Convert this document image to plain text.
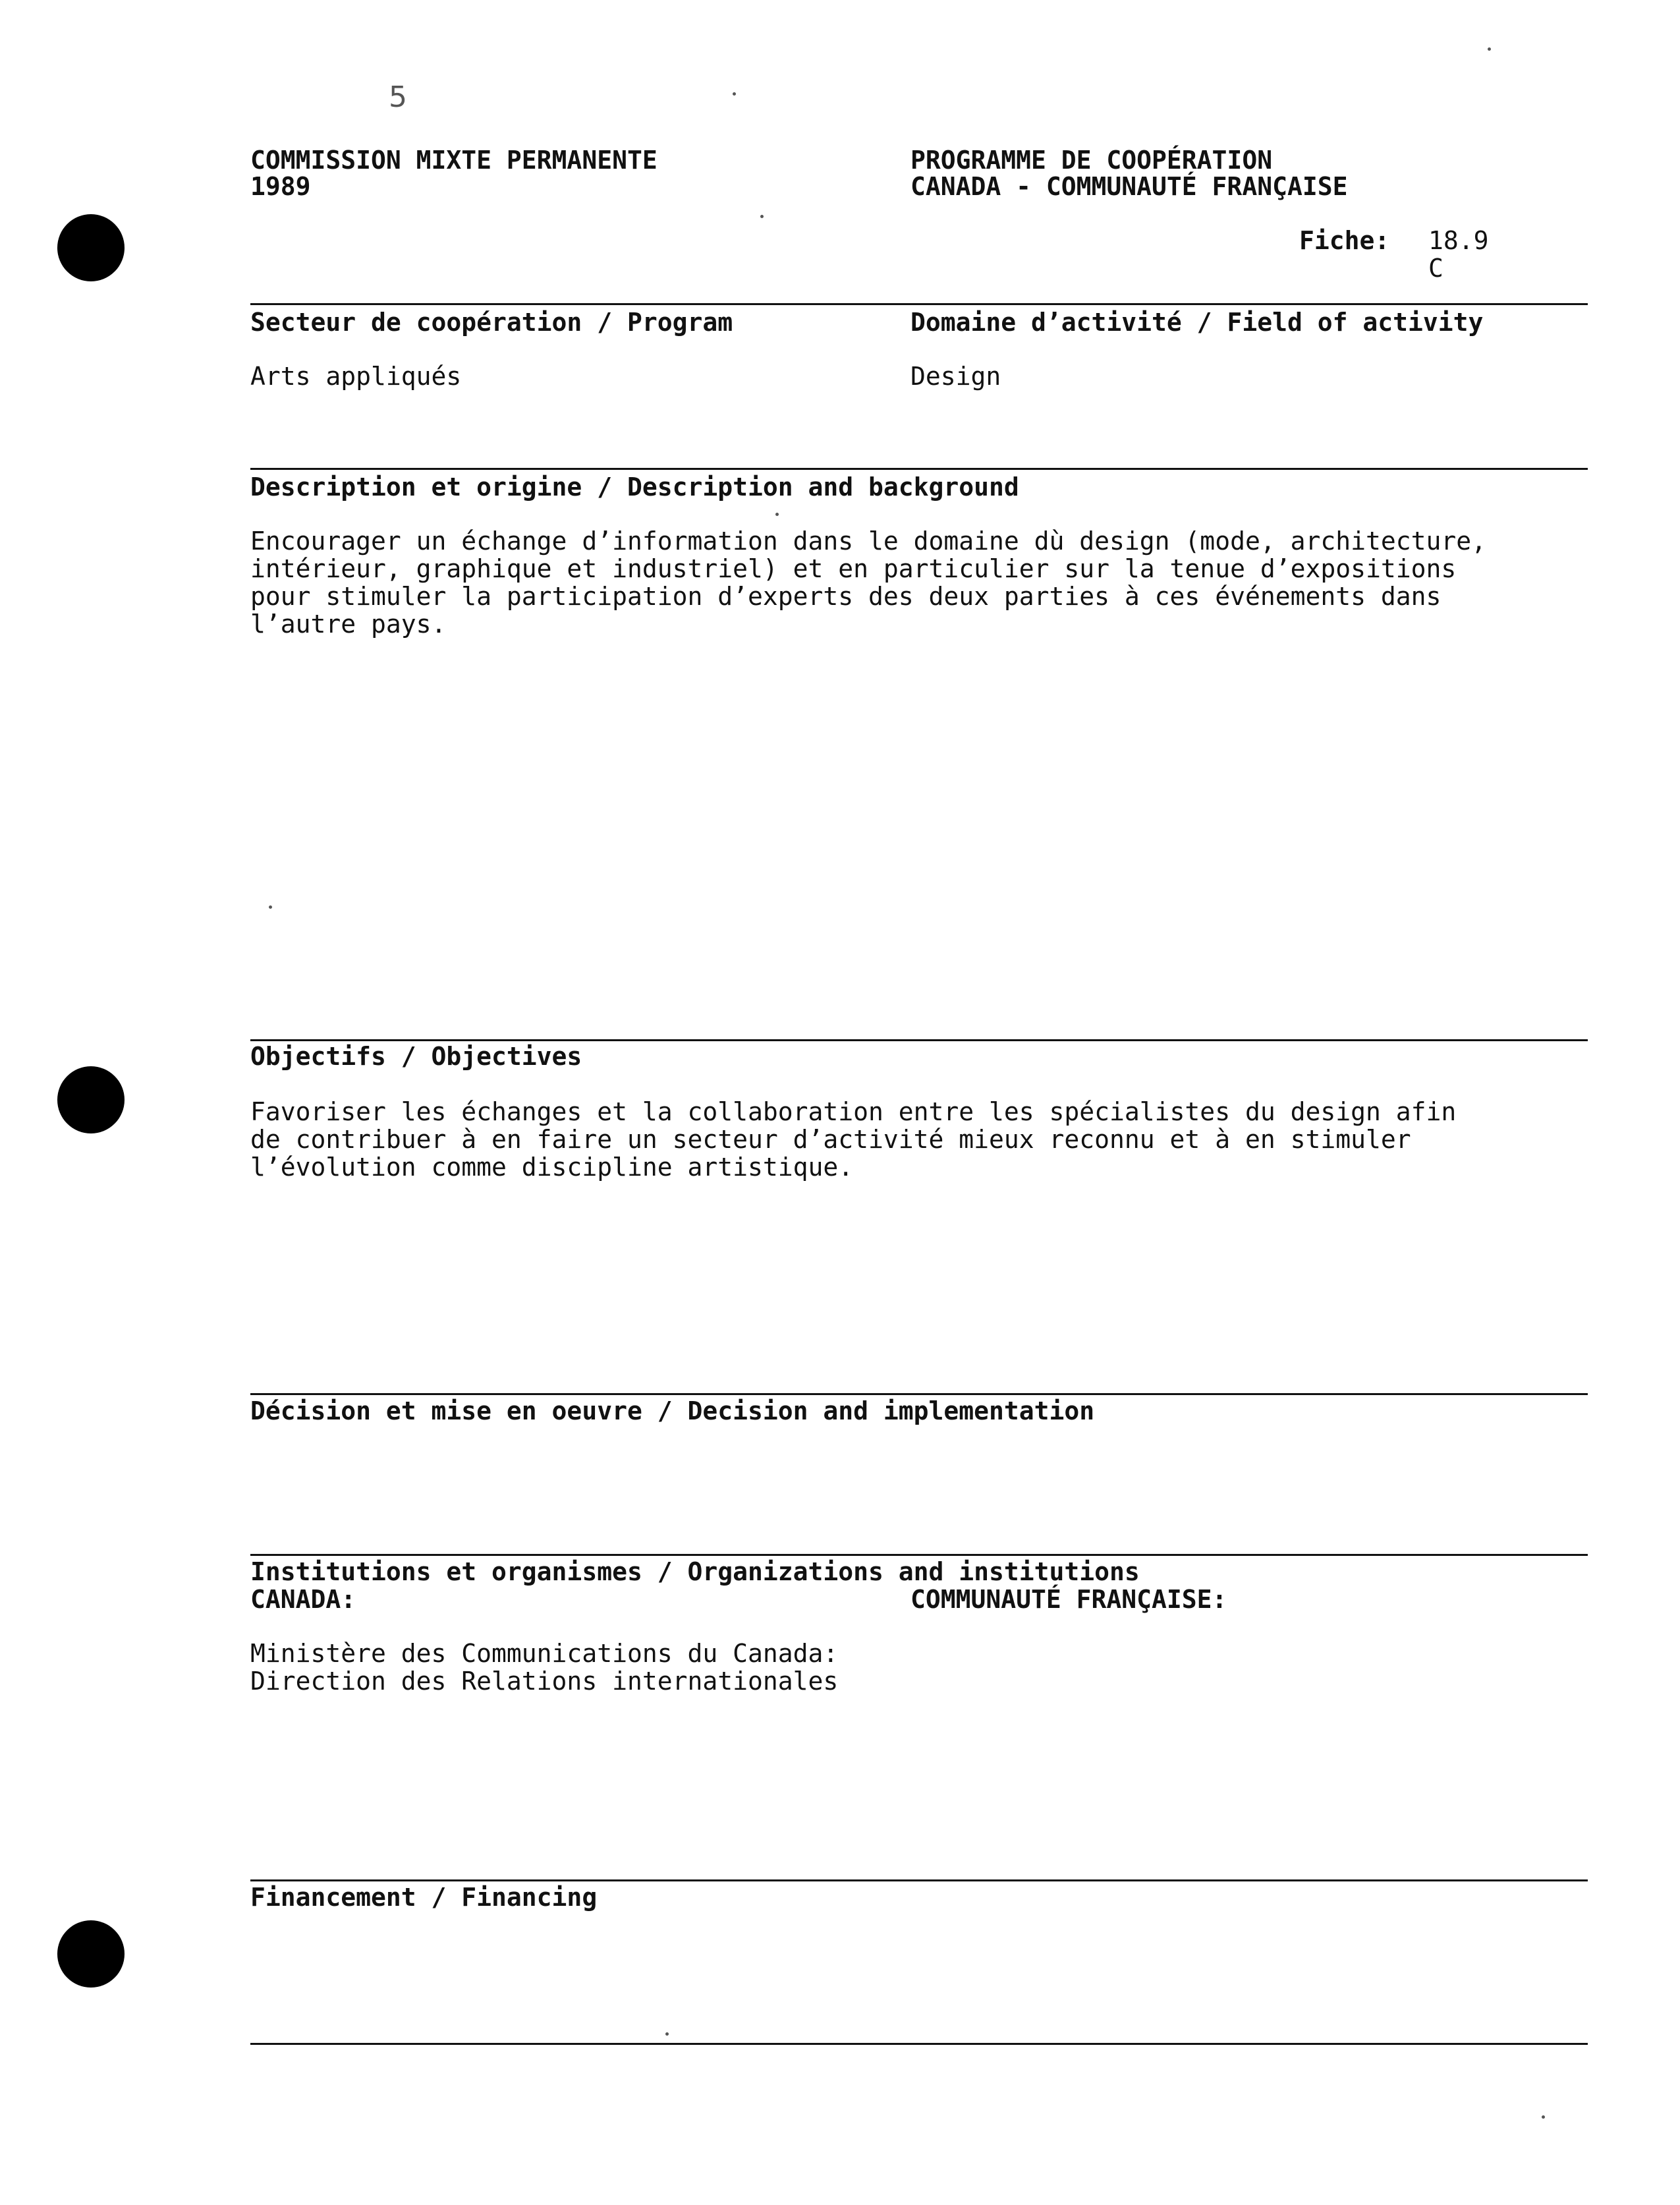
5
COMMISSION MIXTE PERMANENTE
1989
PROGRAMME DE COOPÉRATION
CANADA - COMMUNAUTÉ FRANÇAISE
Fiche: 18.9
C
Secteur de coopération / Program
Arts appliqués
Domaine d’activité / Field of activity
Design
Description et origine / Description and background
Encourager un échange d’information dans le domaine dù design (mode, architecture,
intérieur, graphique et industriel) et en particulier sur la tenue d’expositions
pour stimuler la participation d’experts des deux parties à ces événements dans
l’autre pays.
Objectifs / Objectives
Favoriser les échanges et la collaboration entre les spécialistes du design afin
de contribuer à en faire un secteur d’activité mieux reconnu et à en stimuler
l’évolution comme discipline artistique.
Décision et mise en oeuvre / Decision and implementation
Institutions et organismes / Organizations and institutions
CANADA:	COMMUNAUTÉ FRANÇAISE:
Ministère des Communications du Canada:
Direction des Relations internationales
Financement / Financing
